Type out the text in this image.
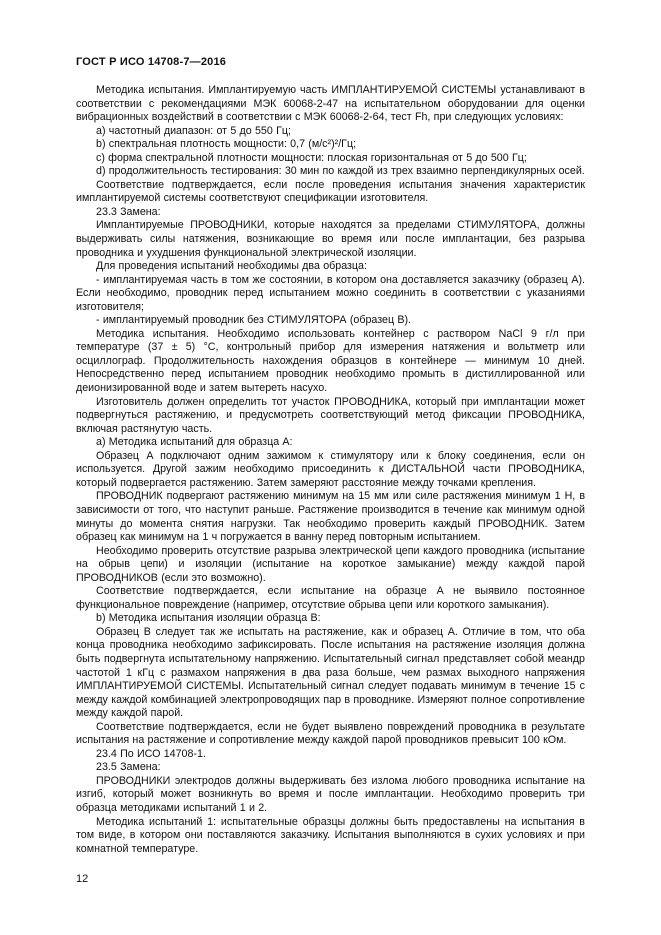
ГОСТ Р ИСО 14708-7—2016

Методика испытания. Имплантируемую часть ИМПЛАНТИРУЕМОЙ СИСТЕМЫ устанавливают в соответствии с рекомендациями МЭК 60068-2-47 на испытательном оборудовании для оценки вибрационных воздействий в соответствии с МЭК 60068-2-64, тест Fh, при следующих условиях:

a) частотный диапазон: от 5 до 550 Гц;

b) спектральная плотность мощности: 0,7 (м/с²)²/Гц;

c) форма спектральной плотности мощности: плоская горизонтальная от 5 до 500 Гц;

d) продолжительность тестирования: 30 мин по каждой из трех взаимно перпендикулярных осей.

Соответствие подтверждается, если после проведения испытания значения характеристик имплантируемой системы соответствуют спецификации изготовителя.

23.3 Замена:

Имплантируемые ПРОВОДНИКИ, которые находятся за пределами СТИМУЛЯТОРА, должны выдерживать силы натяжения, возникающие во время или после имплантации, без разрыва проводника и ухудшения функциональной электрической изоляции.

Для проведения испытаний необходимы два образца:

- имплантируемая часть в том же состоянии, в котором она доставляется заказчику (образец A). Если необходимо, проводник перед испытанием можно соединить в соответствии с указаниями изготовителя;

- имплантируемый проводник без СТИМУЛЯТОРА (образец B).

Методика испытания. Необходимо использовать контейнер с раствором NaCl 9 г/л при температуре (37 ± 5) °C, контрольный прибор для измерения натяжения и вольтметр или осциллограф. Продолжительность нахождения образцов в контейнере — минимум 10 дней. Непосредственно перед испытанием проводник необходимо промыть в дистиллированной или деионизированной воде и затем вытереть насухо.

Изготовитель должен определить тот участок ПРОВОДНИКА, который при имплантации может подвергнуться растяжению, и предусмотреть соответствующий метод фиксации ПРОВОДНИКА, включая растянутую часть.

a) Методика испытаний для образца A:

Образец A подключают одним зажимом к стимулятору или к блоку соединения, если он используется. Другой зажим необходимо присоединить к ДИСТАЛЬНОЙ части ПРОВОДНИКА, который подвергается растяжению. Затем замеряют расстояние между точками крепления.

ПРОВОДНИК подвергают растяжению минимум на 15 мм или силе растяжения минимум 1 Н, в зависимости от того, что наступит раньше. Растяжение производится в течение как минимум одной минуты до момента снятия нагрузки. Так необходимо проверить каждый ПРОВОДНИК. Затем образец как минимум на 1 ч погружается в ванну перед повторным испытанием.

Необходимо проверить отсутствие разрыва электрической цепи каждого проводника (испытание на обрыв цепи) и изоляции (испытание на короткое замыкание) между каждой парой ПРОВОДНИКОВ (если это возможно).

Соответствие подтверждается, если испытание на образце A не выявило постоянное функциональное повреждение (например, отсутствие обрыва цепи или короткого замыкания).

b) Методика испытания изоляции образца B:

Образец B следует так же испытать на растяжение, как и образец A. Отличие в том, что оба конца проводника необходимо зафиксировать. После испытания на растяжение изоляция должна быть подвергнута испытательному напряжению. Испытательный сигнал представляет собой меандр частотой 1 кГц с размахом напряжения в два раза больше, чем размах выходного напряжения ИМПЛАНТИРУЕМОЙ СИСТЕМЫ. Испытательный сигнал следует подавать минимум в течение 15 с между каждой комбинацией электропроводящих пар в проводнике. Измеряют полное сопротивление между каждой парой.

Соответствие подтверждается, если не будет выявлено повреждений проводника в результате испытания на растяжение и сопротивление между каждой парой проводников превысит 100 кОм.

23.4 По ИСО 14708-1.

23.5 Замена:

ПРОВОДНИКИ электродов должны выдерживать без излома любого проводника испытание на изгиб, который может возникнуть во время и после имплантации. Необходимо проверить три образца методиками испытаний 1 и 2.

Методика испытаний 1: испытательные образцы должны быть предоставлены на испытания в том виде, в котором они поставляются заказчику. Испытания выполняются в сухих условиях и при комнатной температуре.

12
